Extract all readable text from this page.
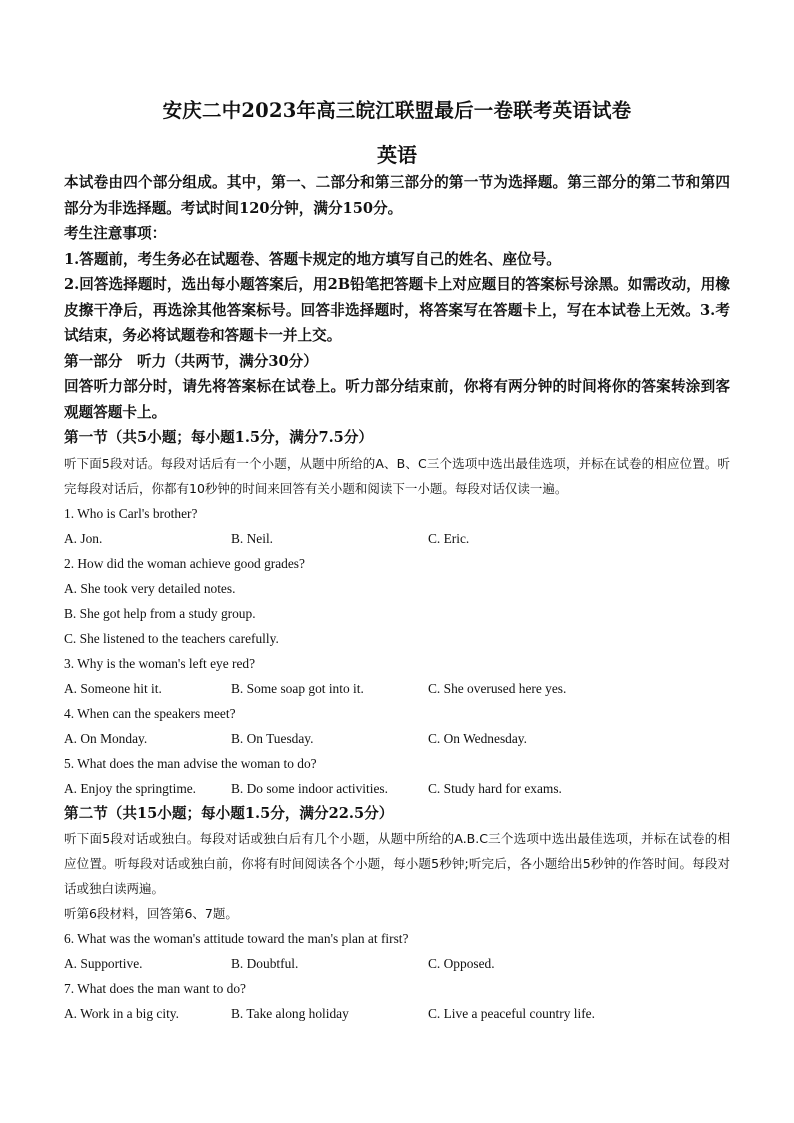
安庆二中2023年高三皖江联盟最后一卷联考英语试卷
英语

本试卷由四个部分组成。其中，第一、二部分和第三部分的第一节为选择题。第三部分的第二节和第四部分为非选择题。考试时间120分钟，满分150分。

考生注意事项：

1.答题前，考生务必在试题卷、答题卡规定的地方填写自己的姓名、座位号。

2.回答选择题时，选出每小题答案后，用2B铅笔把答题卡上对应题目的答案标号涂黑。如需改动，用橡皮擦干净后，再选涂其他答案标号。回答非选择题时，将答案写在答题卡上，写在本试卷上无效。3.考试结束，务必将试题卷和答题卡一并上交。

第一部分　听力（共两节，满分30分）

回答听力部分时，请先将答案标在试卷上。听力部分结束前，你将有两分钟的时间将你的答案转涂到客观题答题卡上。

第一节（共5小题；每小题1.5分，满分7.5分）

听下面5段对话。每段对话后有一个小题，从题中所给的A、B、C三个选项中选出最佳选项，并标在试卷的相应位置。听完每段对话后，你都有10秒钟的时间来回答有关小题和阅读下一小题。每段对话仅读一遍。

1. Who is Carl's brother?

A. Jon.	B. Neil.	C. Eric.

2. How did the woman achieve good grades?

A. She took very detailed notes.

B. She got help from a study group.

C. She listened to the teachers carefully.

3. Why is the woman's left eye red?

A. Someone hit it.	B. Some soap got into it.	C. She overused here yes.

4. When can the speakers meet?

A. On Monday.	B. On Tuesday.	C. On Wednesday.

5. What does the man advise the woman to do?

A. Enjoy the springtime.	B. Do some indoor activities.	C. Study hard for exams.

第二节（共15小题；每小题1.5分，满分22.5分）

听下面5段对话或独白。每段对话或独白后有几个小题，从题中所给的A.B.C三个选项中选出最佳选项，并标在试卷的相应位置。听每段对话或独白前，你将有时间阅读各个小题，每小题5秒钟;听完后，各小题给出5秒钟的作答时间。每段对话或独白读两遍。

听第6段材料，回答第6、7题。

6. What was the woman's attitude toward the man's plan at first?

A. Supportive.	B. Doubtful.	C. Opposed.

7. What does the man want to do?

A. Work in a big city.	B. Take along holiday	C. Live a peaceful country life.
